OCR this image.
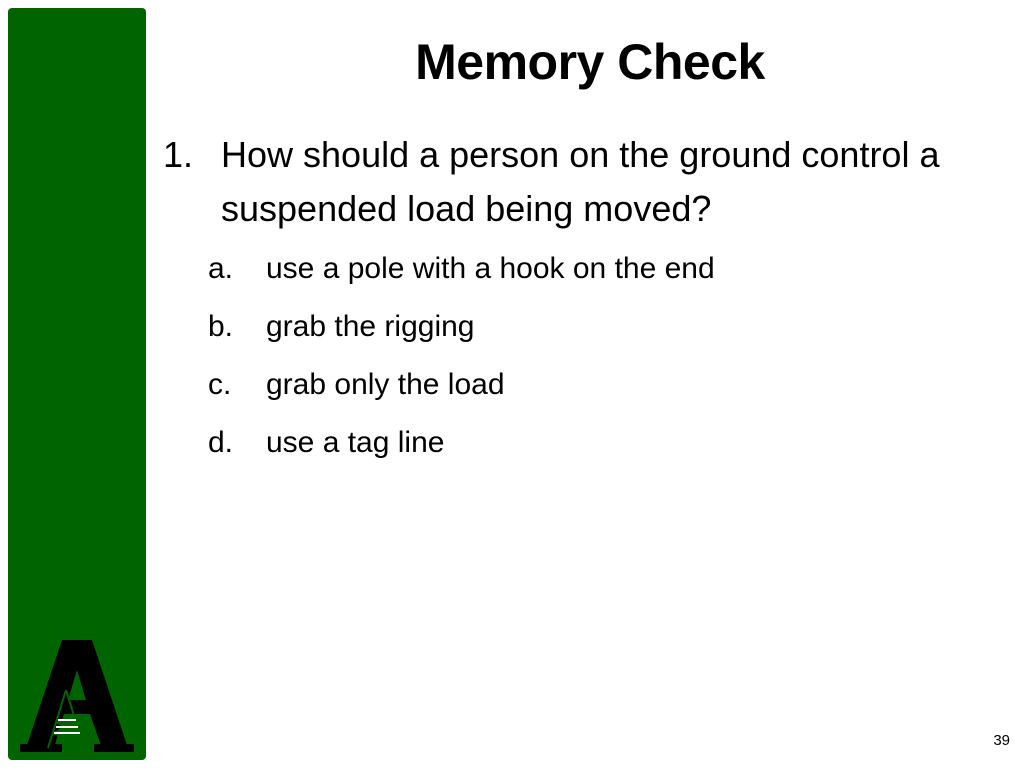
Memory Check
1. How should a person on the ground control a suspended load being moved?
a.	use a pole with a hook on the end
b.	grab the rigging
c.	grab only the load
d.	use a tag line
39
